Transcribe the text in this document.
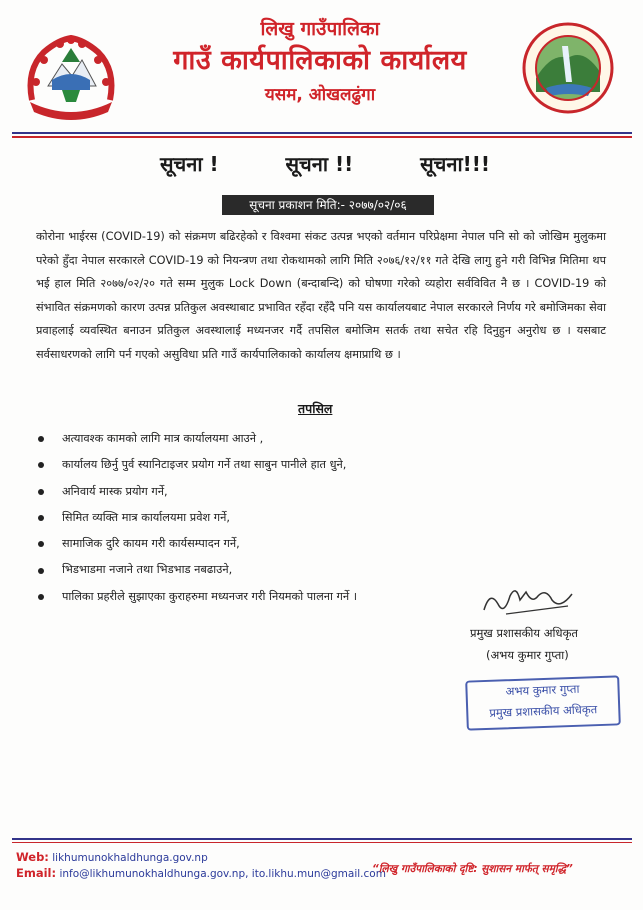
लिखु गाउँपालिका
गाउँ कार्यपालिकाको कार्यालय
यसम, ओखलढुंगा
सूचना !	सूचना !!	सूचना!!!
सूचना प्रकाशन मिति:- २०७७/०२/०६
कोरोना भाईरस (COVID-19) को संक्रमण बढिरहेको र विश्वमा संकट उत्पन्न भएको वर्तमान परिप्रेक्षमा नेपाल पनि सो को जोखिम मुलुकमा परेको हुँदा नेपाल सरकारले COVID-19 को नियन्त्रण तथा रोकथामको लागि मिति २०७६/१२/११ गते देखि लागु हुने गरी विभिन्न मितिमा थप भई हाल मिति २०७७/०२/२० गते सम्म मुलुक Lock Down (बन्दाबन्दि) को घोषणा गरेको व्यहोरा सर्वविवित नै छ । COVID-19 को संभावित संक्रमणको कारण उत्पन्न प्रतिकुल अवस्थाबाट प्रभावित रहँदा रहँदै पनि यस कार्यालयबाट नेपाल सरकारले निर्णय गरे बमोजिमका सेवा प्रवाहलाई व्यवस्थित बनाउन प्रतिकुल अवस्थालाई मध्यनजर गर्दै तपसिल बमोजिम सतर्क तथा सचेत रहि दिनुहुन अनुरोध छ । यसबाट सर्वसाधरणको लागि पर्न गएको असुविधा प्रति गाउँ कार्यपालिकाको कार्यालय क्षमाप्राथि छ ।
तपसिल
अत्यावश्क कामको लागि मात्र कार्यालयमा आउने ,
कार्यालय छिर्नु पुर्व स्यानिटाइजर प्रयोग गर्ने तथा साबुन पानीले हात धुने,
अनिवार्य मास्क प्रयोग गर्ने,
सिमित व्यक्ति मात्र कार्यालयमा प्रवेश गर्ने,
सामाजिक दुरि कायम गरी कार्यसम्पादन गर्ने,
भिडभाडमा नजाने तथा भिडभाड नबढाउने,
पालिका प्रहरीले सुझाएका कुराहरुमा मध्यनजर गरी नियमको पालना गर्ने ।
प्रमुख प्रशासकीय अधिकृत
(अभय कुमार गुप्ता)
अभय कुमार गुप्ता
प्रमुख प्रशासकीय अधिकृत
Web: likhumunokhaldhunga.gov.np
Email: info@likhumunokhaldhunga.gov.np, ito.likhu.mun@gmail.com
“लिखु गाउँपालिकाको दृष्टि: सुशासन मार्फत् समृद्धि”
